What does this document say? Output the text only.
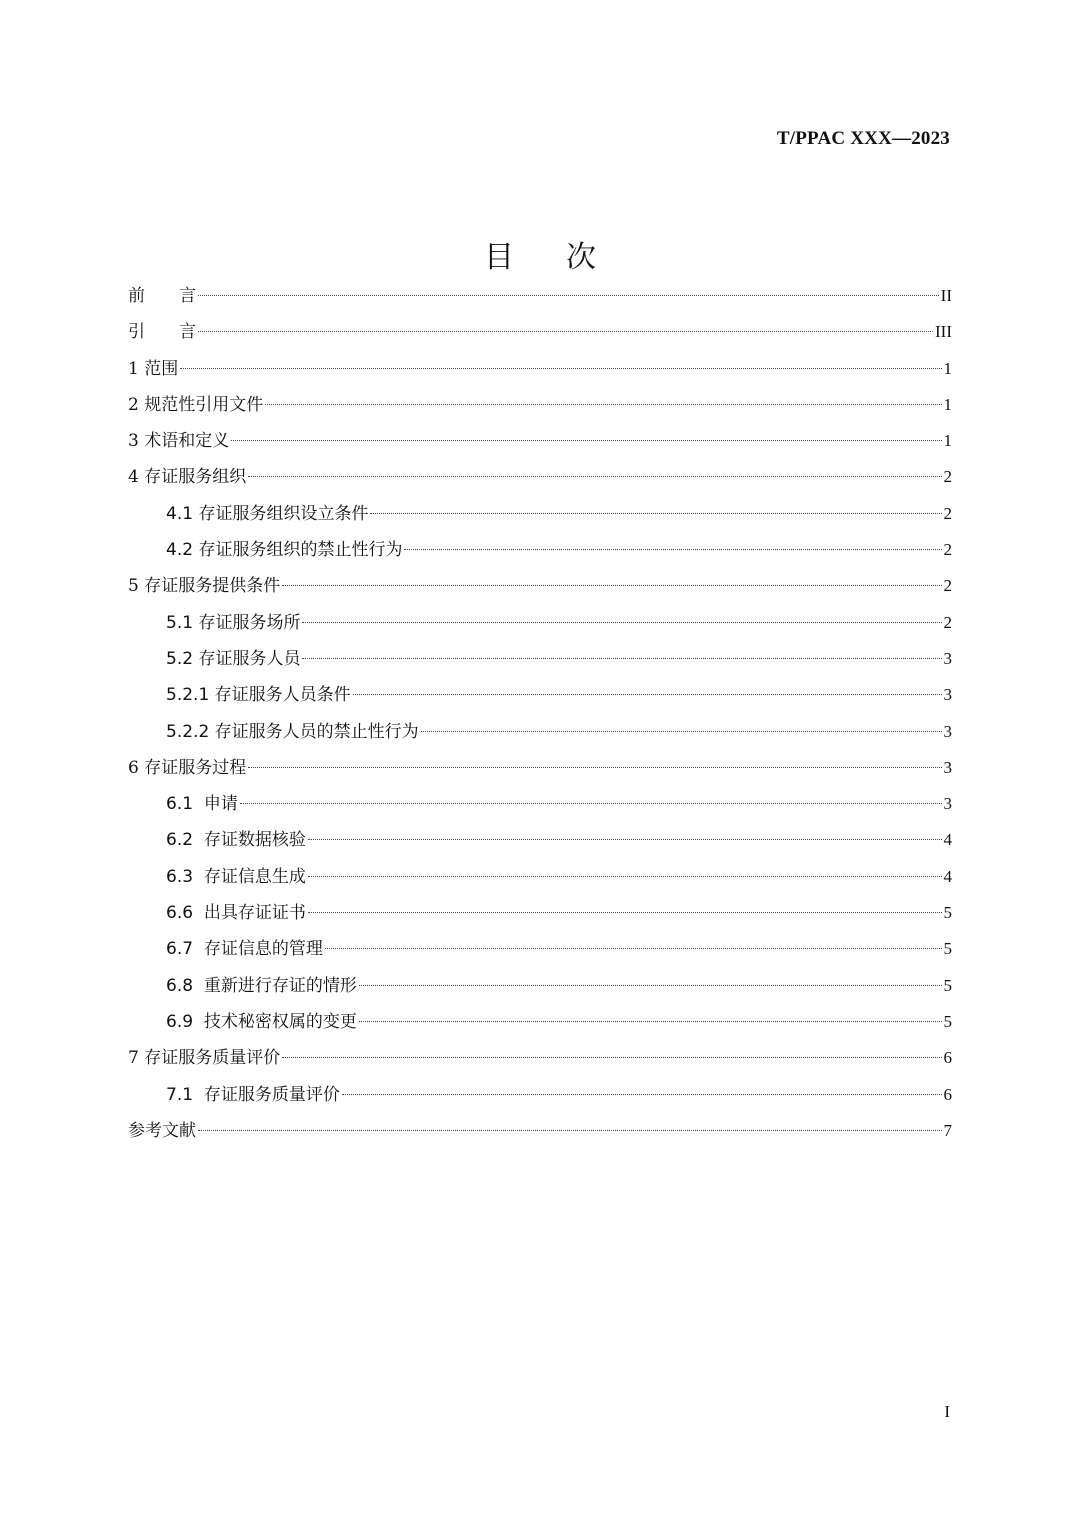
T/PPAC XXX—2023
目次
前　　言	II
引　　言	III
1 范围	1
2 规范性引用文件	1
3 术语和定义	1
4 存证服务组织	2
4.1 存证服务组织设立条件	2
4.2 存证服务组织的禁止性行为	2
5 存证服务提供条件	2
5.1 存证服务场所	2
5.2 存证服务人员	3
5.2.1 存证服务人员条件	3
5.2.2 存证服务人员的禁止性行为	3
6 存证服务过程	3
6.1  申请	3
6.2  存证数据核验	4
6.3  存证信息生成	4
6.6  出具存证证书	5
6.7  存证信息的管理	5
6.8  重新进行存证的情形	5
6.9  技术秘密权属的变更	5
7 存证服务质量评价	6
7.1  存证服务质量评价	6
参考文献	7
I
